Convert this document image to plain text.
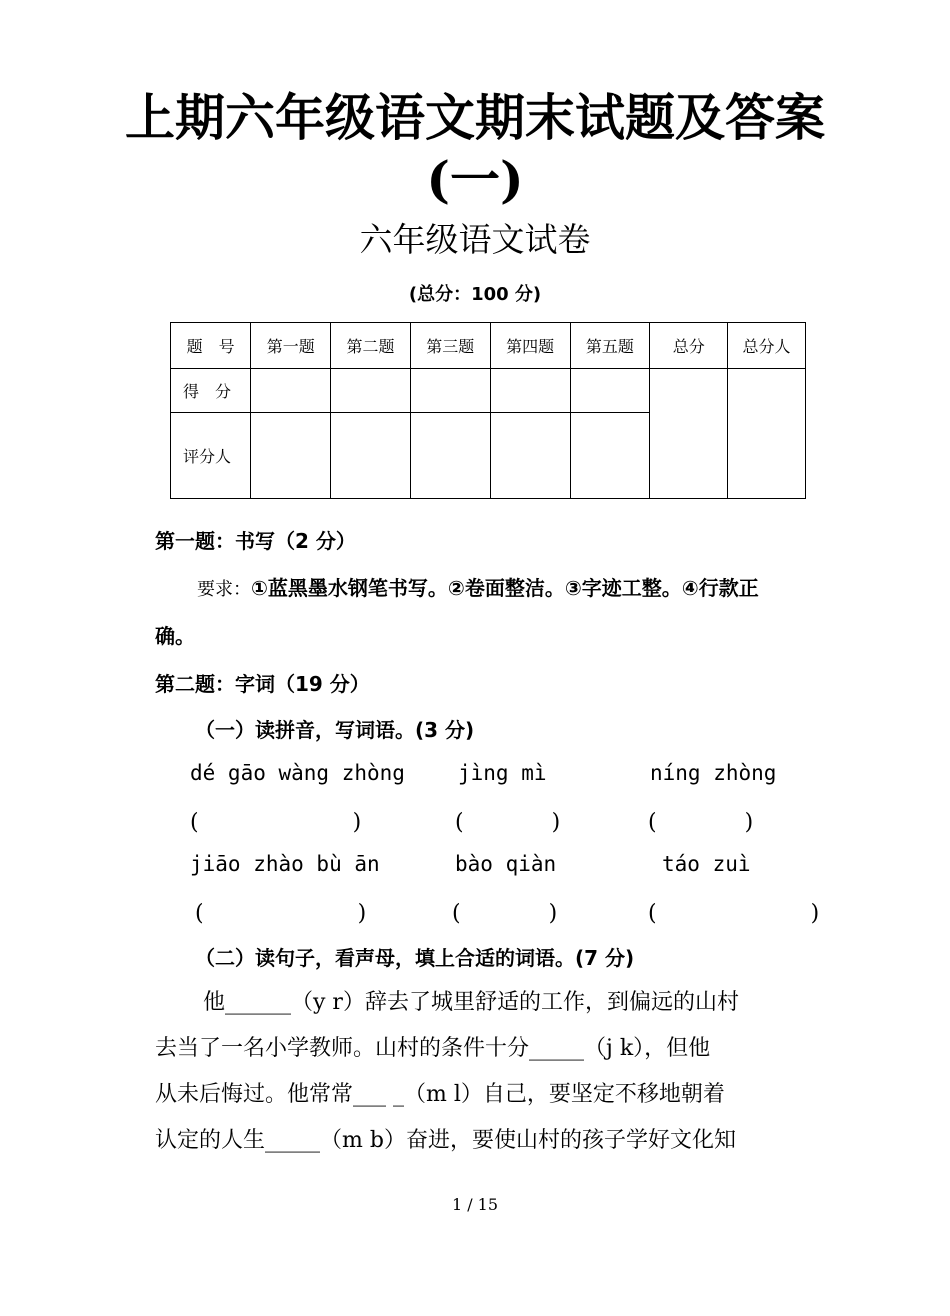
上期六年级语文期末试题及答案
(一)
六年级语文试卷
(总分：100 分)
题　号	第一题	第二题	第三题	第四题	第五题	总分	总分人
得　分							
评分人							
第一题：书写（2 分）
要求：①蓝黑墨水钢笔书写。②卷面整洁。③字迹工整。④行款正
确。
第二题：字词（19 分）
（一）读拼音，写词语。(3 分)
dé gāo wàng zhòng	jìng mì	níng zhòng
(　　　　　　　)	(　　　　)	(　　　　)
jiāo zhào bù ān	bào qiàn	táo zuì
(　　　　　　　)	(　　　　)	(　　　　　　　)
（二）读句子，看声母，填上合适的词语。(7 分)
他______（y r）辞去了城里舒适的工作，到偏远的山村
去当了一名小学教师。山村的条件十分_____（j k），但他
从未后悔过。他常常___ _（m l）自己，要坚定不移地朝着
认定的人生_____（m b）奋进，要使山村的孩子学好文化知
1 / 15
